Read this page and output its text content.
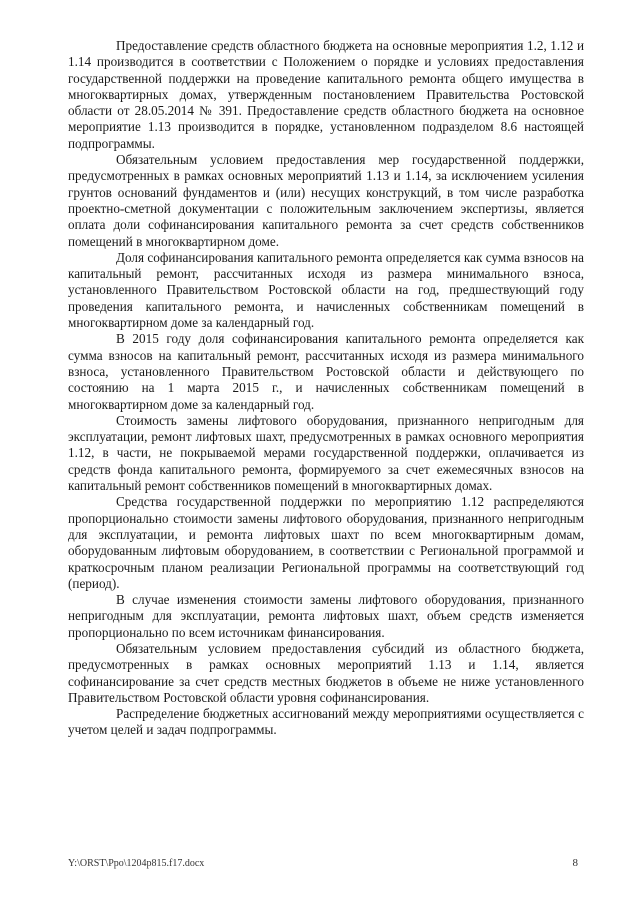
Предоставление средств областного бюджета на основные мероприятия 1.2, 1.12 и 1.14 производится в соответствии с Положением о порядке и условиях предоставления государственной поддержки на проведение капитального ремонта общего имущества в многоквартирных домах, утвержденным постановлением Правительства Ростовской области от 28.05.2014 № 391. Предоставление средств областного бюджета на основное мероприятие 1.13 производится в порядке, установленном подразделом 8.6 настоящей подпрограммы.

Обязательным условием предоставления мер государственной поддержки, предусмотренных в рамках основных мероприятий 1.13 и 1.14, за исключением усиления грунтов оснований фундаментов и (или) несущих конструкций, в том числе разработка проектно-сметной документации с положительным заключением экспертизы, является оплата доли софинансирования капитального ремонта за счет средств собственников помещений в многоквартирном доме.

Доля софинансирования капитального ремонта определяется как сумма взносов на капитальный ремонт, рассчитанных исходя из размера минимального взноса, установленного Правительством Ростовской области на год, предшествующий году проведения капитального ремонта, и начисленных собственникам помещений в многоквартирном доме за календарный год.

В 2015 году доля софинансирования капитального ремонта определяется как сумма взносов на капитальный ремонт, рассчитанных исходя из размера минимального взноса, установленного Правительством Ростовской области и действующего по состоянию на 1 марта 2015 г., и начисленных собственникам помещений в многоквартирном доме за календарный год.

Стоимость замены лифтового оборудования, признанного непригодным для эксплуатации, ремонт лифтовых шахт, предусмотренных в рамках основного мероприятия 1.12, в части, не покрываемой мерами государственной поддержки, оплачивается из средств фонда капитального ремонта, формируемого за счет ежемесячных взносов на капитальный ремонт собственников помещений в многоквартирных домах.

Средства государственной поддержки по мероприятию 1.12 распределяются пропорционально стоимости замены лифтового оборудования, признанного непригодным для эксплуатации, и ремонта лифтовых шахт по всем многоквартирным домам, оборудованным лифтовым оборудованием, в соответствии с Региональной программой и краткосрочным планом реализации Региональной программы на соответствующий год (период).

В случае изменения стоимости замены лифтового оборудования, признанного непригодным для эксплуатации, ремонта лифтовых шахт, объем средств изменяется пропорционально по всем источникам финансирования.

Обязательным условием предоставления субсидий из областного бюджета, предусмотренных в рамках основных мероприятий 1.13 и 1.14, является софинансирование за счет средств местных бюджетов в объеме не ниже установленного Правительством Ростовской области уровня софинансирования.

Распределение бюджетных ассигнований между мероприятиями осуществляется с учетом целей и задач подпрограммы.

Y:\ORST\Ppo\1204p815.f17.docx	8
